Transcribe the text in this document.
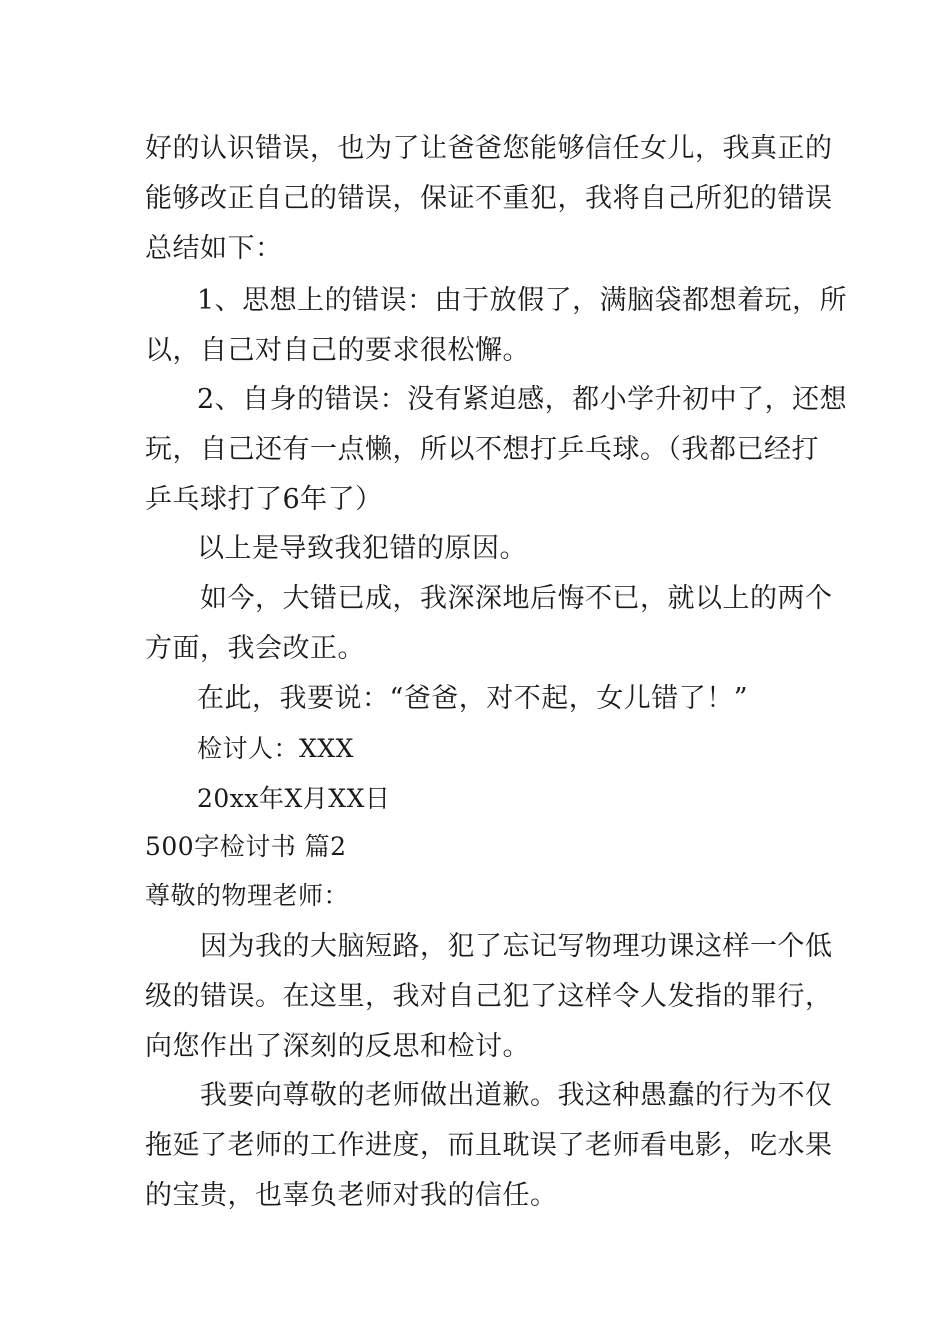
好的认识错误，也为了让爸爸您能够信任女儿，我真正的
能够改正自己的错误，保证不重犯，我将自己所犯的错误
总结如下：
1、思想上的错误：由于放假了，满脑袋都想着玩，所
以，自己对自己的要求很松懈。
2、自身的错误：没有紧迫感，都小学升初中了，还想
玩，自己还有一点懒，所以不想打乒乓球。（我都已经打
乒乓球打了6年了）
以上是导致我犯错的原因。
如今，大错已成，我深深地后悔不已，就以上的两个
方面，我会改正。
在此，我要说：“爸爸，对不起，女儿错了！”
检讨人：XXX
20xx年X月XX日
500字检讨书 篇2
尊敬的物理老师：
因为我的大脑短路，犯了忘记写物理功课这样一个低
级的错误。在这里，我对自己犯了这样令人发指的罪行，
向您作出了深刻的反思和检讨。
我要向尊敬的老师做出道歉。我这种愚蠢的行为不仅
拖延了老师的工作进度，而且耽误了老师看电影，吃水果
的宝贵，也辜负老师对我的信任。
